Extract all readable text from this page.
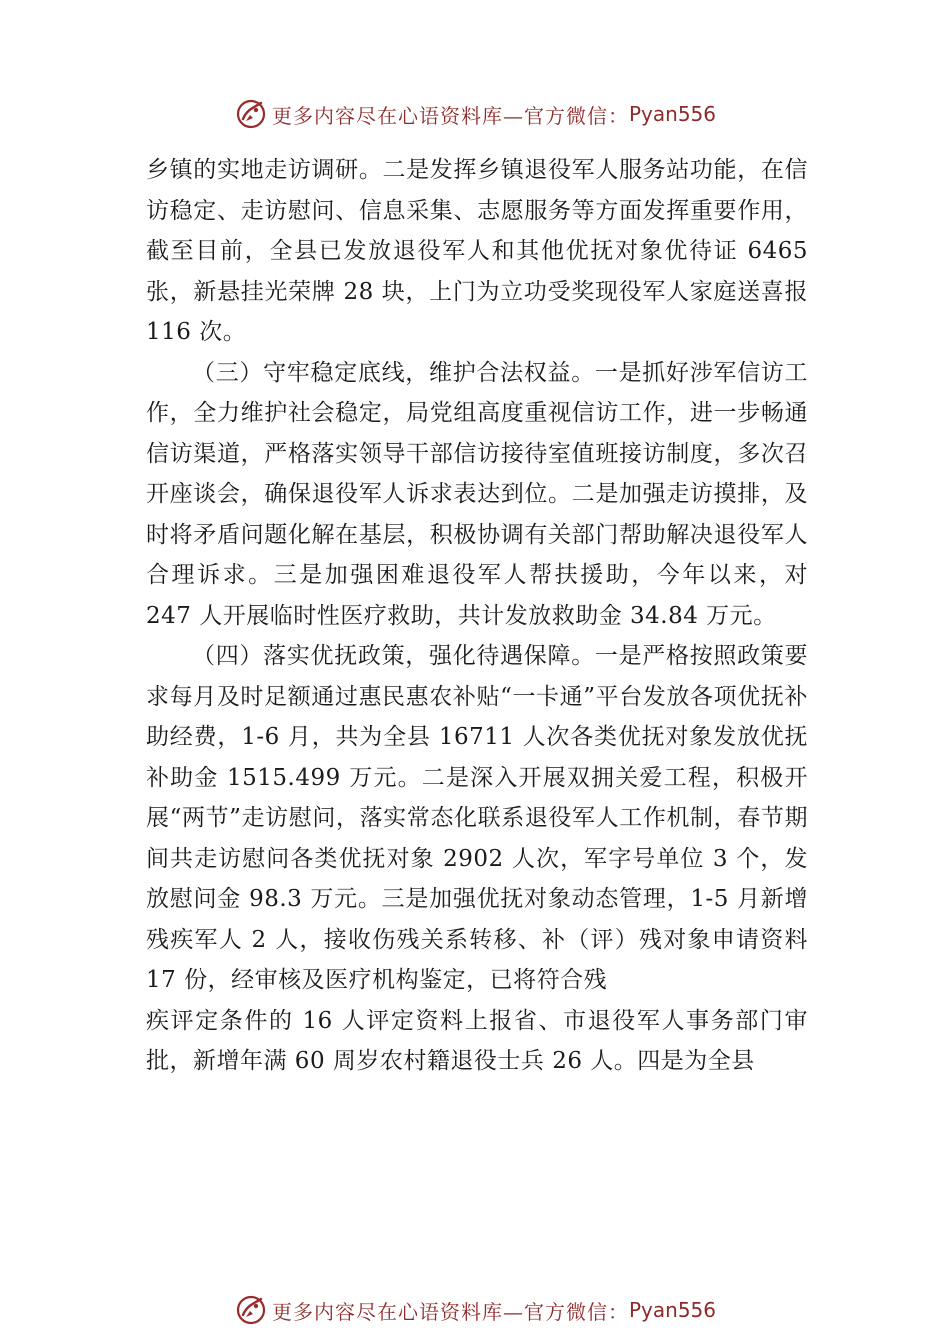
更多内容尽在心语资料库—官方微信： Pyan556

乡镇的实地走访调研。二是发挥乡镇退役军人服务站功能，在信访稳定、走访慰问、信息采集、志愿服务等方面发挥重要作用，截至目前，全县已发放退役军人和其他优抚对象优待证 6465 张，新悬挂光荣牌 28 块，上门为立功受奖现役军人家庭送喜报 116 次。

（三）守牢稳定底线，维护合法权益。一是抓好涉军信访工作，全力维护社会稳定，局党组高度重视信访工作，进一步畅通信访渠道，严格落实领导干部信访接待室值班接访制度，多次召开座谈会，确保退役军人诉求表达到位。二是加强走访摸排，及时将矛盾问题化解在基层，积极协调有关部门帮助解决退役军人合理诉求。三是加强困难退役军人帮扶援助，今年以来，对 247 人开展临时性医疗救助，共计发放救助金 34.84 万元。

（四）落实优抚政策，强化待遇保障。一是严格按照政策要求每月及时足额通过惠民惠农补贴“一卡通”平台发放各项优抚补助经费，1-6 月，共为全县 16711 人次各类优抚对象发放优抚补助金 1515.499 万元。二是深入开展双拥关爱工程，积极开展“两节”走访慰问，落实常态化联系退役军人工作机制，春节期间共走访慰问各类优抚对象 2902 人次，军字号单位 3 个，发放慰问金 98.3 万元。三是加强优抚对象动态管理，1-5 月新增残疾军人 2 人，接收伤残关系转移、补（评）残对象申请资料 17 份，经审核及医疗机构鉴定，已将符合残

疾评定条件的 16 人评定资料上报省、市退役军人事务部门审批，新增年满 60 周岁农村籍退役士兵 26 人。四是为全县

更多内容尽在心语资料库—官方微信： Pyan556
